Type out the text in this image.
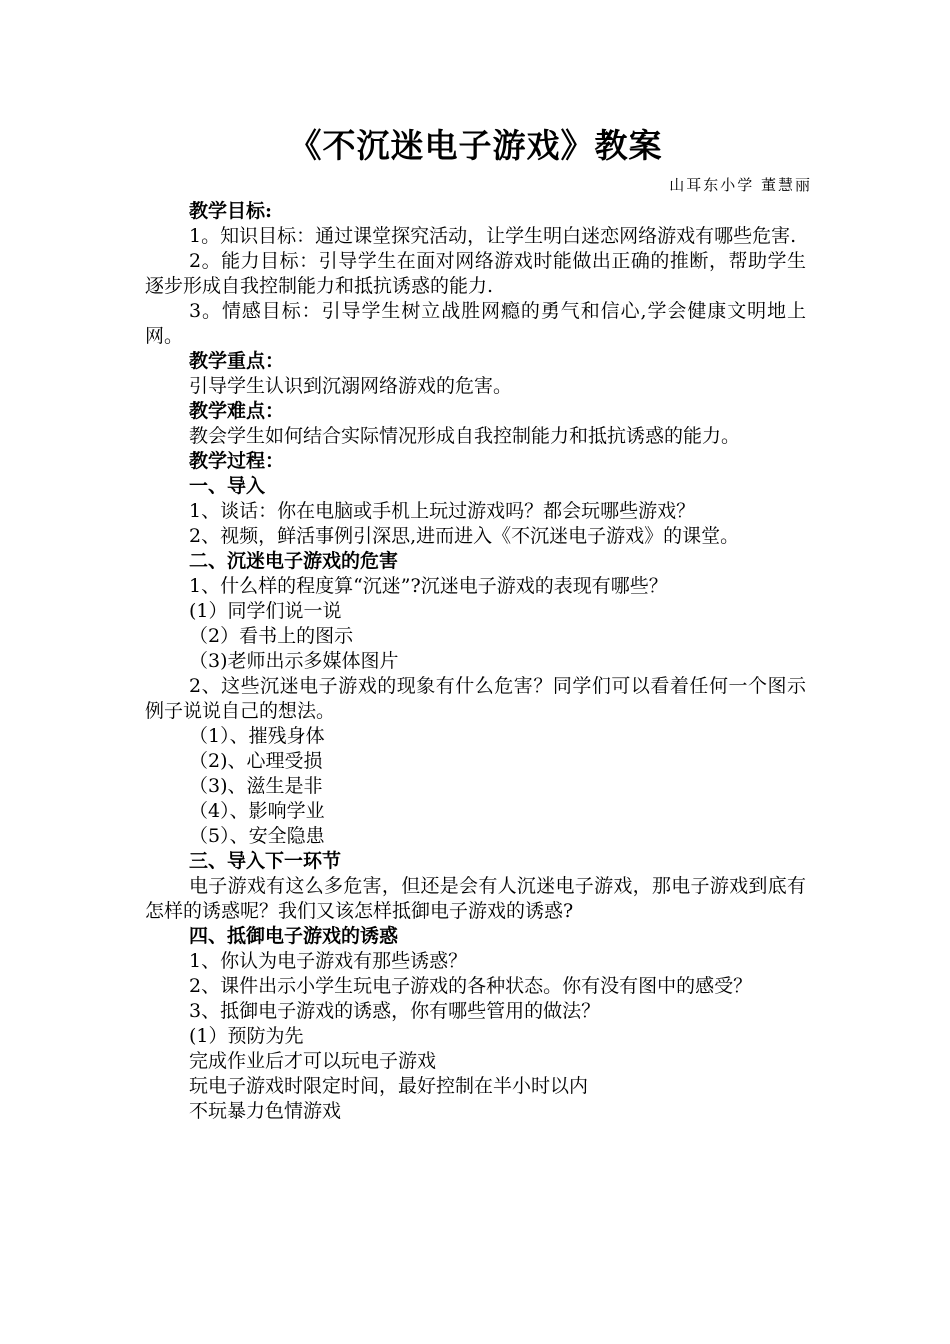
《不沉迷电子游戏》教案
山耳东小学 董慧丽
教学目标:

1。知识目标：通过课堂探究活动，让学生明白迷恋网络游戏有哪些危害.

2。能力目标：引导学生在面对网络游戏时能做出正确的推断，帮助学生逐步形成自我控制能力和抵抗诱惑的能力.

3。情感目标：引导学生树立战胜网瘾的勇气和信心,学会健康文明地上网。

教学重点：

引导学生认识到沉溺网络游戏的危害。

教学难点：

教会学生如何结合实际情况形成自我控制能力和抵抗诱惑的能力。

教学过程：
一、导入

1、谈话：你在电脑或手机上玩过游戏吗？都会玩哪些游戏？

2、视频，鲜活事例引深思,进而进入《不沉迷电子游戏》的课堂。

二、沉迷电子游戏的危害

1、什么样的程度算“沉迷”?沉迷电子游戏的表现有哪些？

(1）同学们说一说

（2）看书上的图示

（3)老师出示多媒体图片

2、这些沉迷电子游戏的现象有什么危害？同学们可以看着任何一个图示例子说说自己的想法。

（1）、摧残身体

（2)、心理受损

（3)、滋生是非

（4）、影响学业

（5）、安全隐患

三、导入下一环节

电子游戏有这么多危害，但还是会有人沉迷电子游戏，那电子游戏到底有怎样的诱惑呢？我们又该怎样抵御电子游戏的诱惑?

四、抵御电子游戏的诱惑

1、你认为电子游戏有那些诱惑？

2、课件出示小学生玩电子游戏的各种状态。你有没有图中的感受？

3、抵御电子游戏的诱惑，你有哪些管用的做法？

(1）预防为先

完成作业后才可以玩电子游戏

玩电子游戏时限定时间，最好控制在半小时以内

不玩暴力色情游戏
